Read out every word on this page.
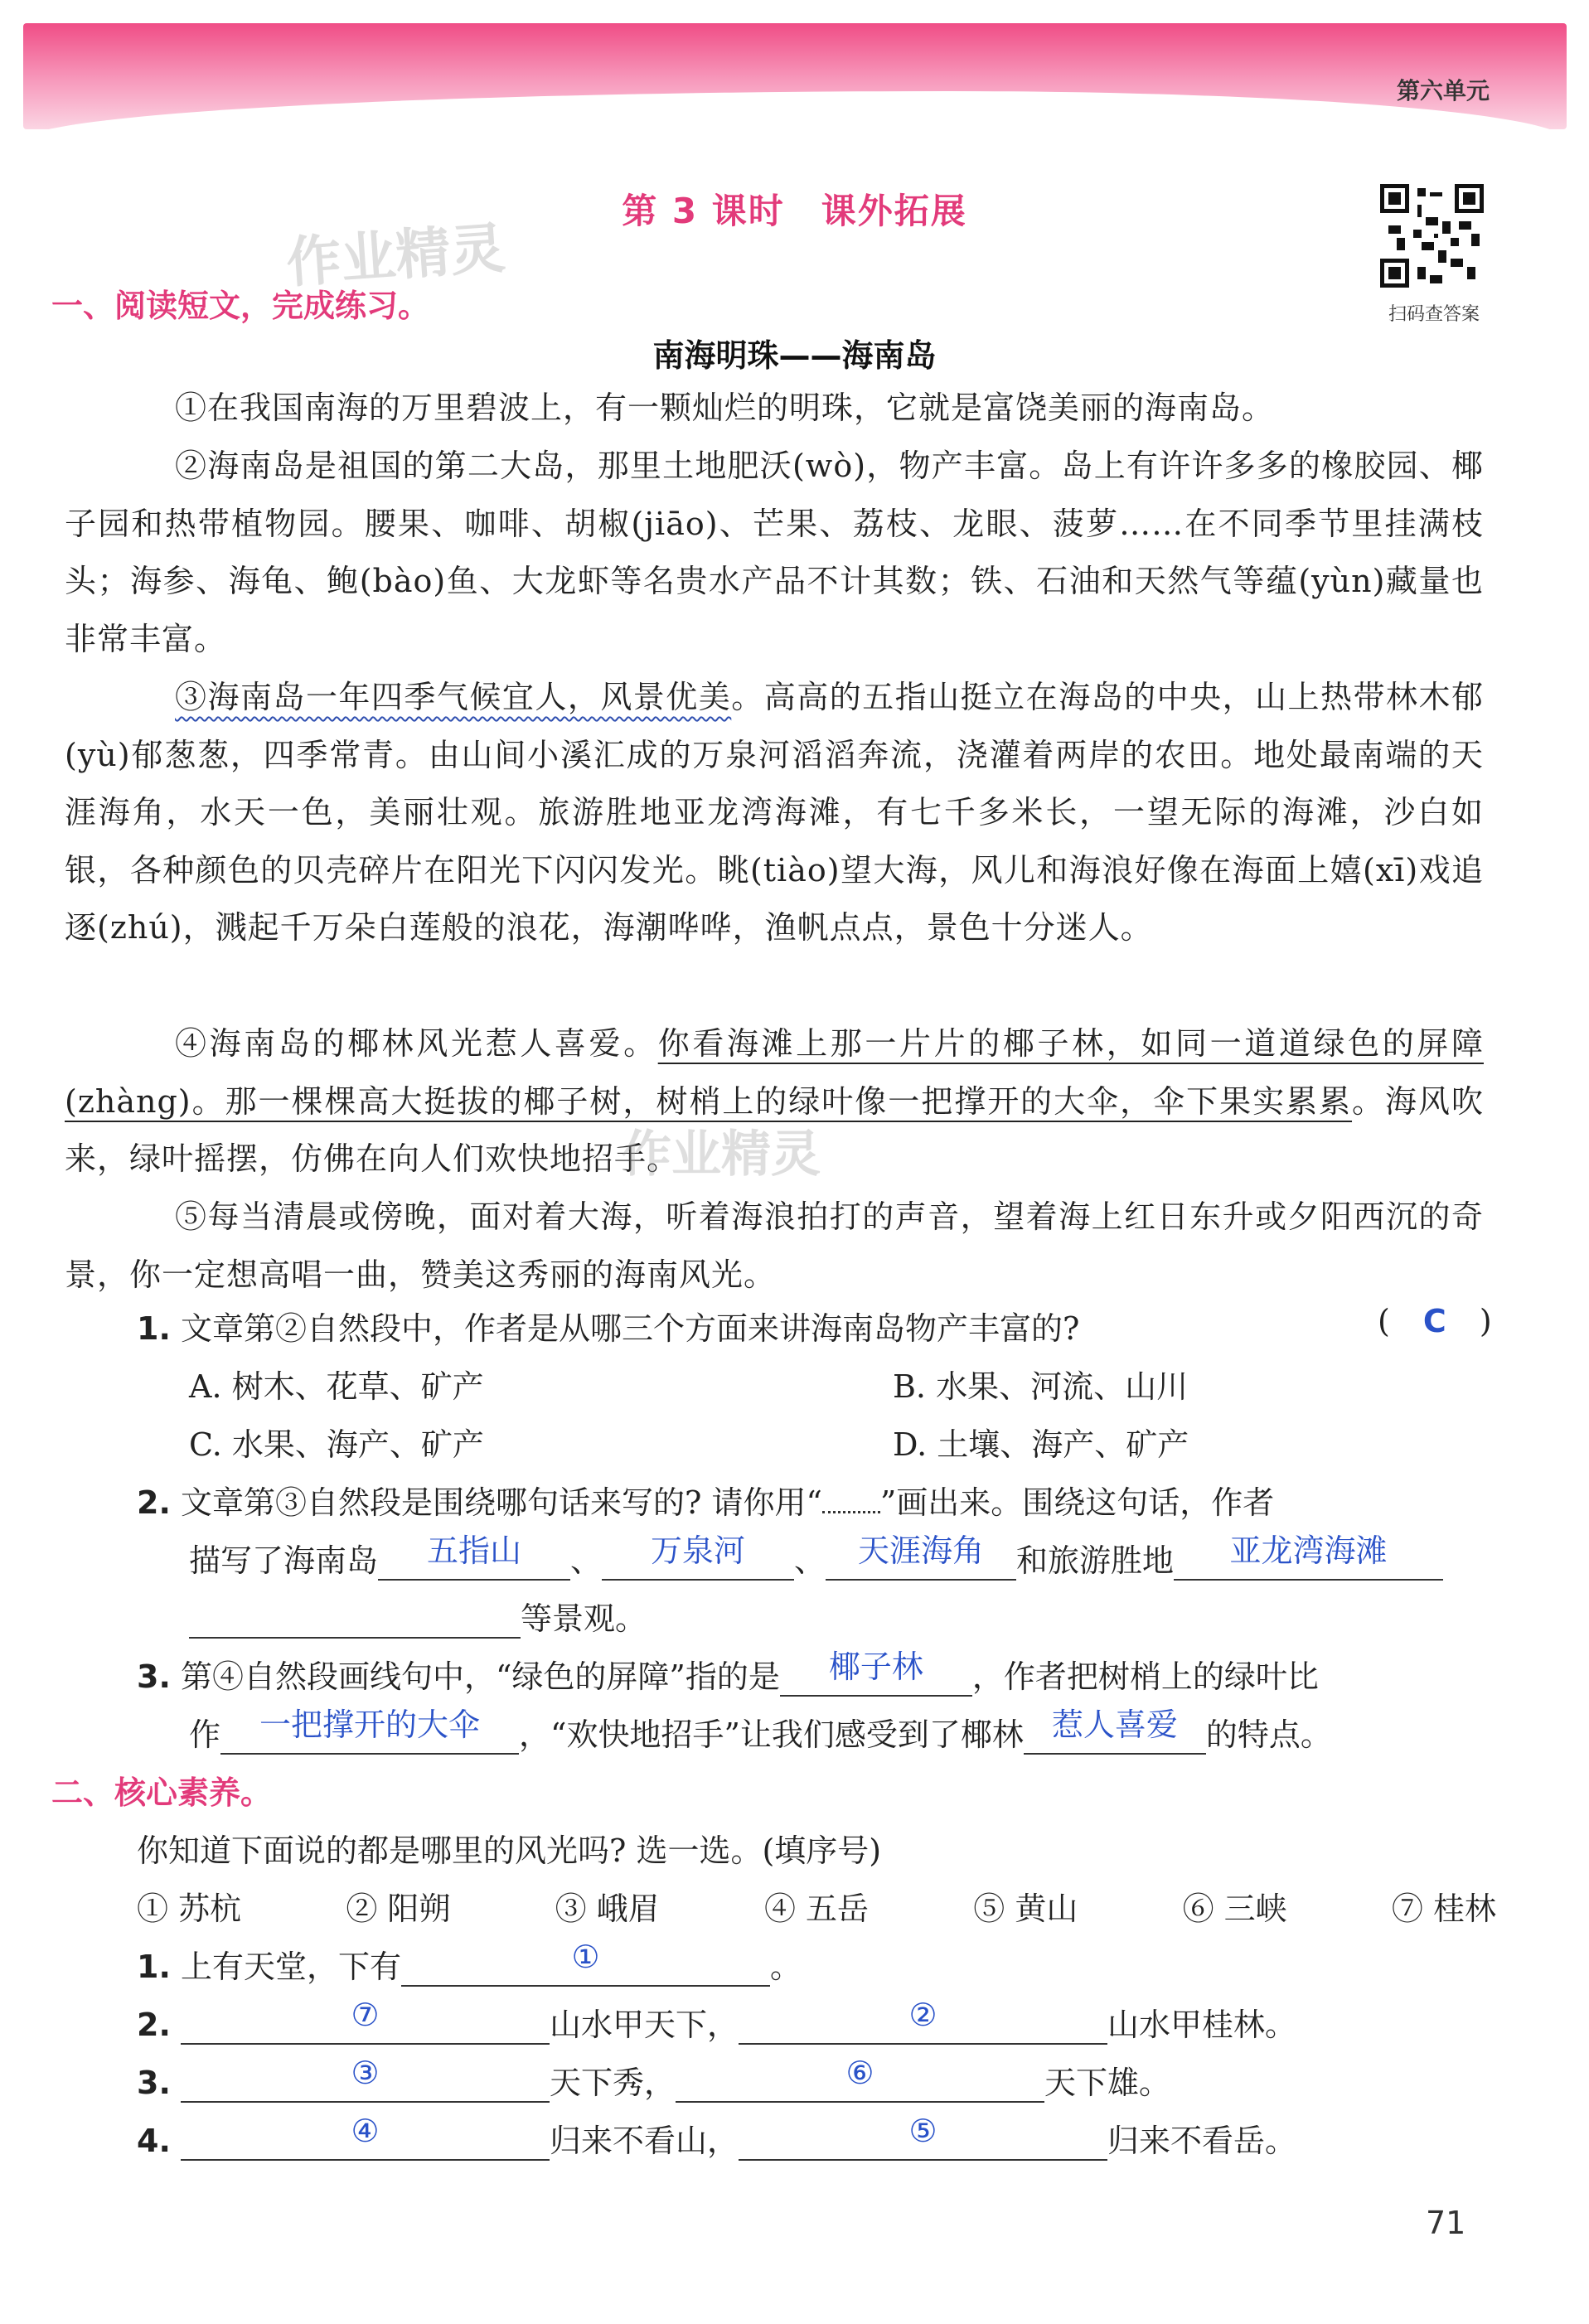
第六单元
第 3 课时　课外拓展
作业精灵
扫码查答案
一、阅读短文，完成练习。
南海明珠——海南岛
①在我国南海的万里碧波上，有一颗灿烂的明珠，它就是富饶美丽的海南岛。
②海南岛是祖国的第二大岛，那里土地肥沃(wò)，物产丰富。岛上有许许多多的橡胶园、椰子园和热带植物园。腰果、咖啡、胡椒(jiāo)、芒果、荔枝、龙眼、菠萝……在不同季节里挂满枝头；海参、海龟、鲍(bào)鱼、大龙虾等名贵水产品不计其数；铁、石油和天然气等蕴(yùn)藏量也非常丰富。
③海南岛一年四季气候宜人，风景优美。高高的五指山挺立在海岛的中央，山上热带林木郁(yù)郁葱葱，四季常青。由山间小溪汇成的万泉河滔滔奔流，浇灌着两岸的农田。地处最南端的天涯海角，水天一色，美丽壮观。旅游胜地亚龙湾海滩，有七千多米长，一望无际的海滩，沙白如银，各种颜色的贝壳碎片在阳光下闪闪发光。眺(tiào)望大海，风儿和海浪好像在海面上嬉(xī)戏追逐(zhú)，溅起千万朵白莲般的浪花，海潮哗哗，渔帆点点，景色十分迷人。
④海南岛的椰林风光惹人喜爱。你看海滩上那一片片的椰子林，如同一道道绿色的屏障(zhàng)。那一棵棵高大挺拔的椰子树，树梢上的绿叶像一把撑开的大伞，伞下果实累累。海风吹来，绿叶摇摆，仿佛在向人们欢快地招手。
⑤每当清晨或傍晚，面对着大海，听着海浪拍打的声音，望着海上红日东升或夕阳西沉的奇景，你一定想高唱一曲，赞美这秀丽的海南风光。
作业精灵
1. 文章第②自然段中，作者是从哪三个方面来讲海南岛物产丰富的?	( C )
A. 树木、花草、矿产	B. 水果、河流、山川
C. 水果、海产、矿产	D. 土壤、海产、矿产
2. 文章第③自然段是围绕哪句话来写的? 请你用“ ”画出来。围绕这句话，作者
描写了海南岛 五指山 、 万泉河 、 天涯海角 和旅游胜地 亚龙湾海滩
等景观。
3. 第④自然段画线句中，“绿色的屏障”指的是 椰子林 ，作者把树梢上的绿叶比
作 一把撑开的大伞 ，“欢快地招手”让我们感受到了椰林 惹人喜爱 的特点。
二、核心素养。
你知道下面说的都是哪里的风光吗? 选一选。(填序号)
① 苏杭	② 阳朔	③ 峨眉	④ 五岳	⑤ 黄山	⑥ 三峡	⑦ 桂林
1. 上有天堂，下有	①	。
2.	⑦	山水甲天下，	②	山水甲桂林。
3.	③	天下秀，	⑥	天下雄。
4.	④	归来不看山，	⑤	归来不看岳。
71
